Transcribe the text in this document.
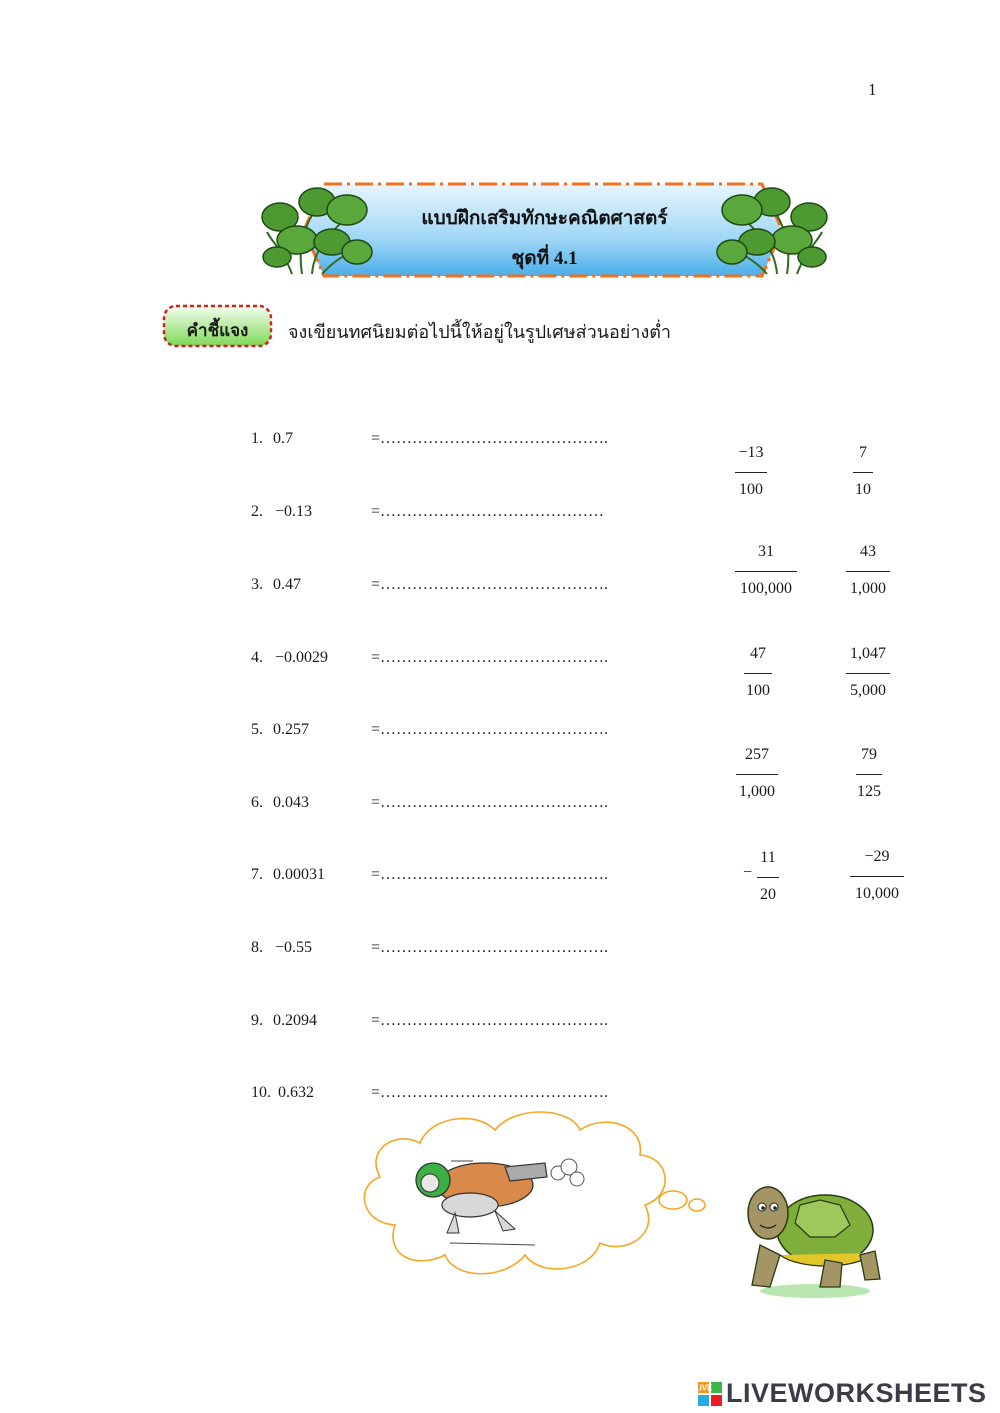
1
แบบฝึกเสริมทักษะคณิตศาสตร์
ชุดที่ 4.1
คำชี้แจง	จงเขียนทศนิยมต่อไปนี้ให้อยู่ในรูปเศษส่วนอย่างต่ำ
1. 0.7	=…………………………………….
2. −0.13	=……………………………………
3. 0.47	=…………………………………….
4. −0.0029	=…………………………………….
5. 0.257	=…………………………………….
6. 0.043	=…………………………………….
7. 0.00031	=…………………………………….
8. −0.55	=…………………………………….
9. 0.2094	=…………………………………….
10. 0.632	=…………………………………….
−13
100
7
10
31
100,000
43
1,000
47
100
1,047
5,000
257
1,000
79
125
−
11
20
−29
10,000
LIVE LIVEWORKSHEETS
